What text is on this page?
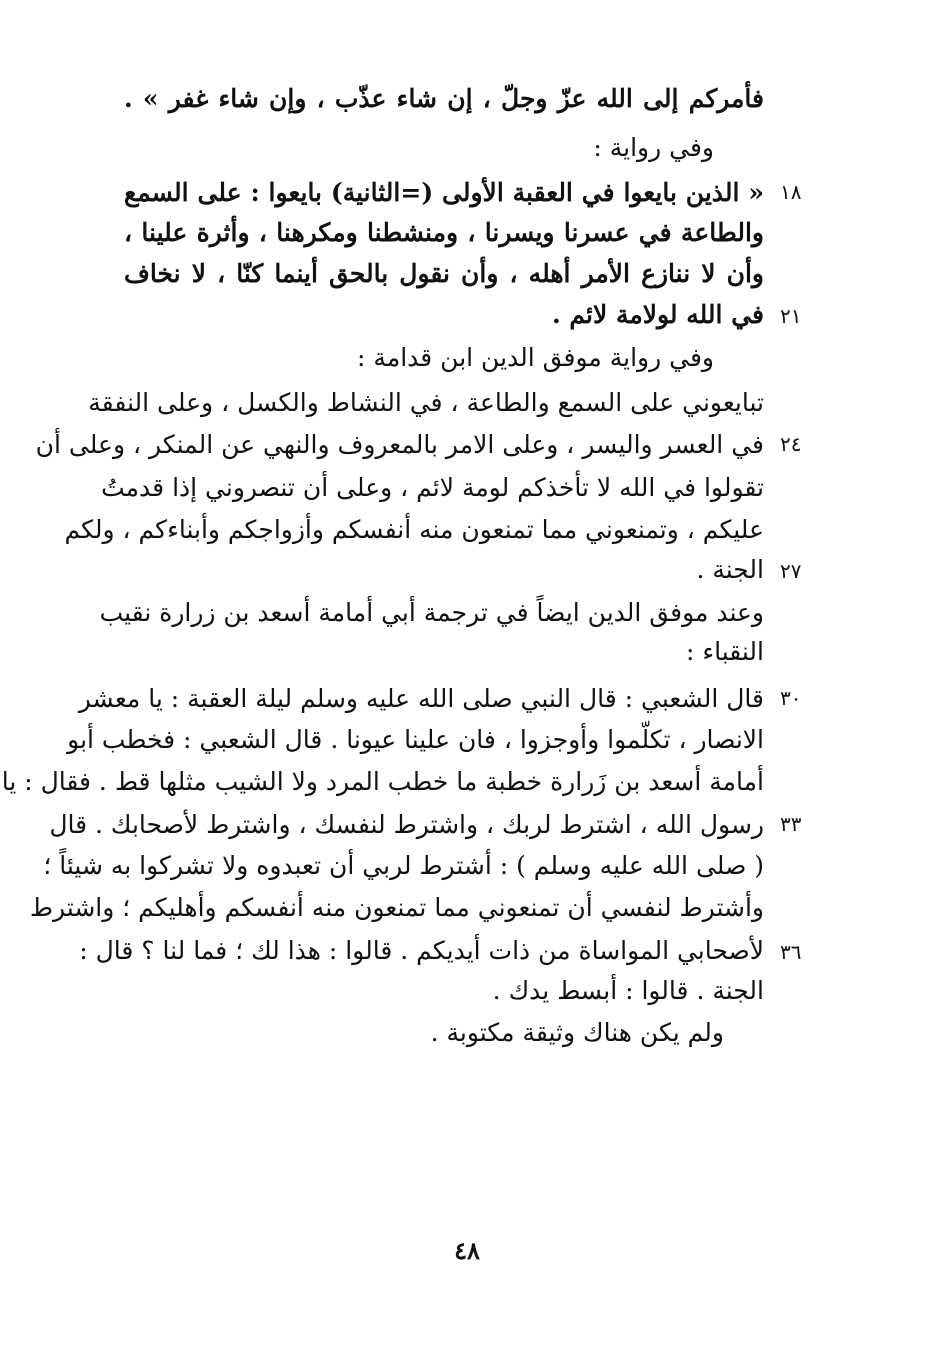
فأمركم إلى الله عزّ وجلّ ، إن شاء عذّب ، وإن شاء غفر » .
وفي رواية :
« الذين بايعوا في العقبة الأولى (=الثانية) بايعوا : على السمع ١٨
والطاعة في عسرنا ويسرنا ، ومنشطنا ومكرهنا ، وأثرة علينا ،
وأن لا ننازع الأمر أهله ، وأن نقول بالحق أينما كنّا ، لا نخاف
في الله لولامة لائم . ٢١
وفي رواية موفق الدين ابن قدامة :
تبايعوني على السمع والطاعة ، في النشاط والكسل ، وعلى النفقة
في العسر واليسر ، وعلى الامر بالمعروف والنهي عن المنكر ، وعلى أن ٢٤
تقولوا في الله لا تأخذكم لومة لائم ، وعلى أن تنصروني إذا قدمتُ
عليكم ، وتمنعوني مما تمنعون منه أنفسكم وأزواجكم وأبناءكم ، ولكم
الجنة . ٢٧
وعند موفق الدين ايضاً في ترجمة أبي أمامة أسعد بن زرارة نقيب
النقباء :
قال الشعبي : قال النبي صلى الله عليه وسلم ليلة العقبة : يا معشر ٣٠
الانصار ، تكلّموا وأوجزوا ، فان علينا عيونا . قال الشعبي : فخطب أبو
أمامة أسعد بن زَرارة خطبة ما خطب المرد ولا الشيب مثلها قط . فقال : يا
رسول الله ، اشترط لربك ، واشترط لنفسك ، واشترط لأصحابك . قال ٣٣
( صلى الله عليه وسلم ) : أشترط لربي أن تعبدوه ولا تشركوا به شيئاً ؛
وأشترط لنفسي أن تمنعوني مما تمنعون منه أنفسكم وأهليكم ؛ واشترط
لأصحابي المواساة من ذات أيديكم . قالوا : هذا لك ؛ فما لنا ؟ قال : ٣٦
الجنة . قالوا : أبسط يدك .
ولم يكن هناك وثيقة مكتوبة .
٤٨
